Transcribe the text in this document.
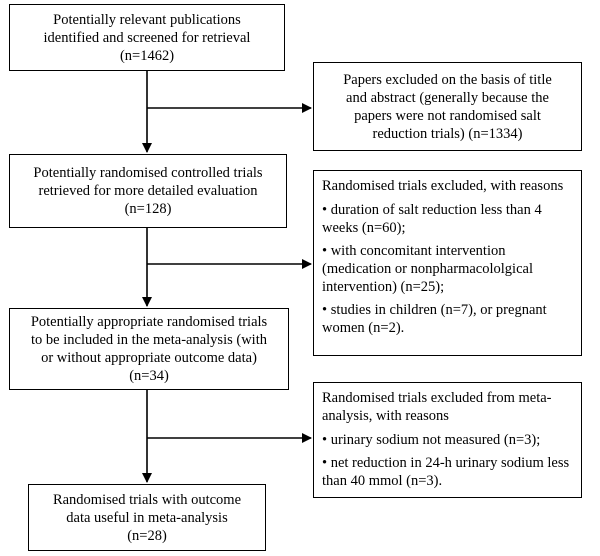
Potentially relevant publications
identified and screened for retrieval
(n=1462)
Papers excluded on the basis of title
and abstract (generally because the
papers were not randomised salt
reduction trials) (n=1334)
Potentially randomised controlled trials
retrieved for more detailed evaluation
(n=128)
Randomised trials excluded, with reasons
• duration of salt reduction less than 4 weeks (n=60);
• with concomitant intervention (medication or nonpharmacololgical intervention) (n=25);
• studies in children (n=7), or pregnant women (n=2).
Potentially appropriate randomised trials
to be included in the meta-analysis (with
or without appropriate outcome data)
(n=34)
Randomised trials excluded from meta-analysis, with reasons
• urinary sodium not measured (n=3);
• net reduction in 24-h urinary sodium less than 40 mmol (n=3).
Randomised trials with outcome
data useful in meta-analysis
(n=28)
